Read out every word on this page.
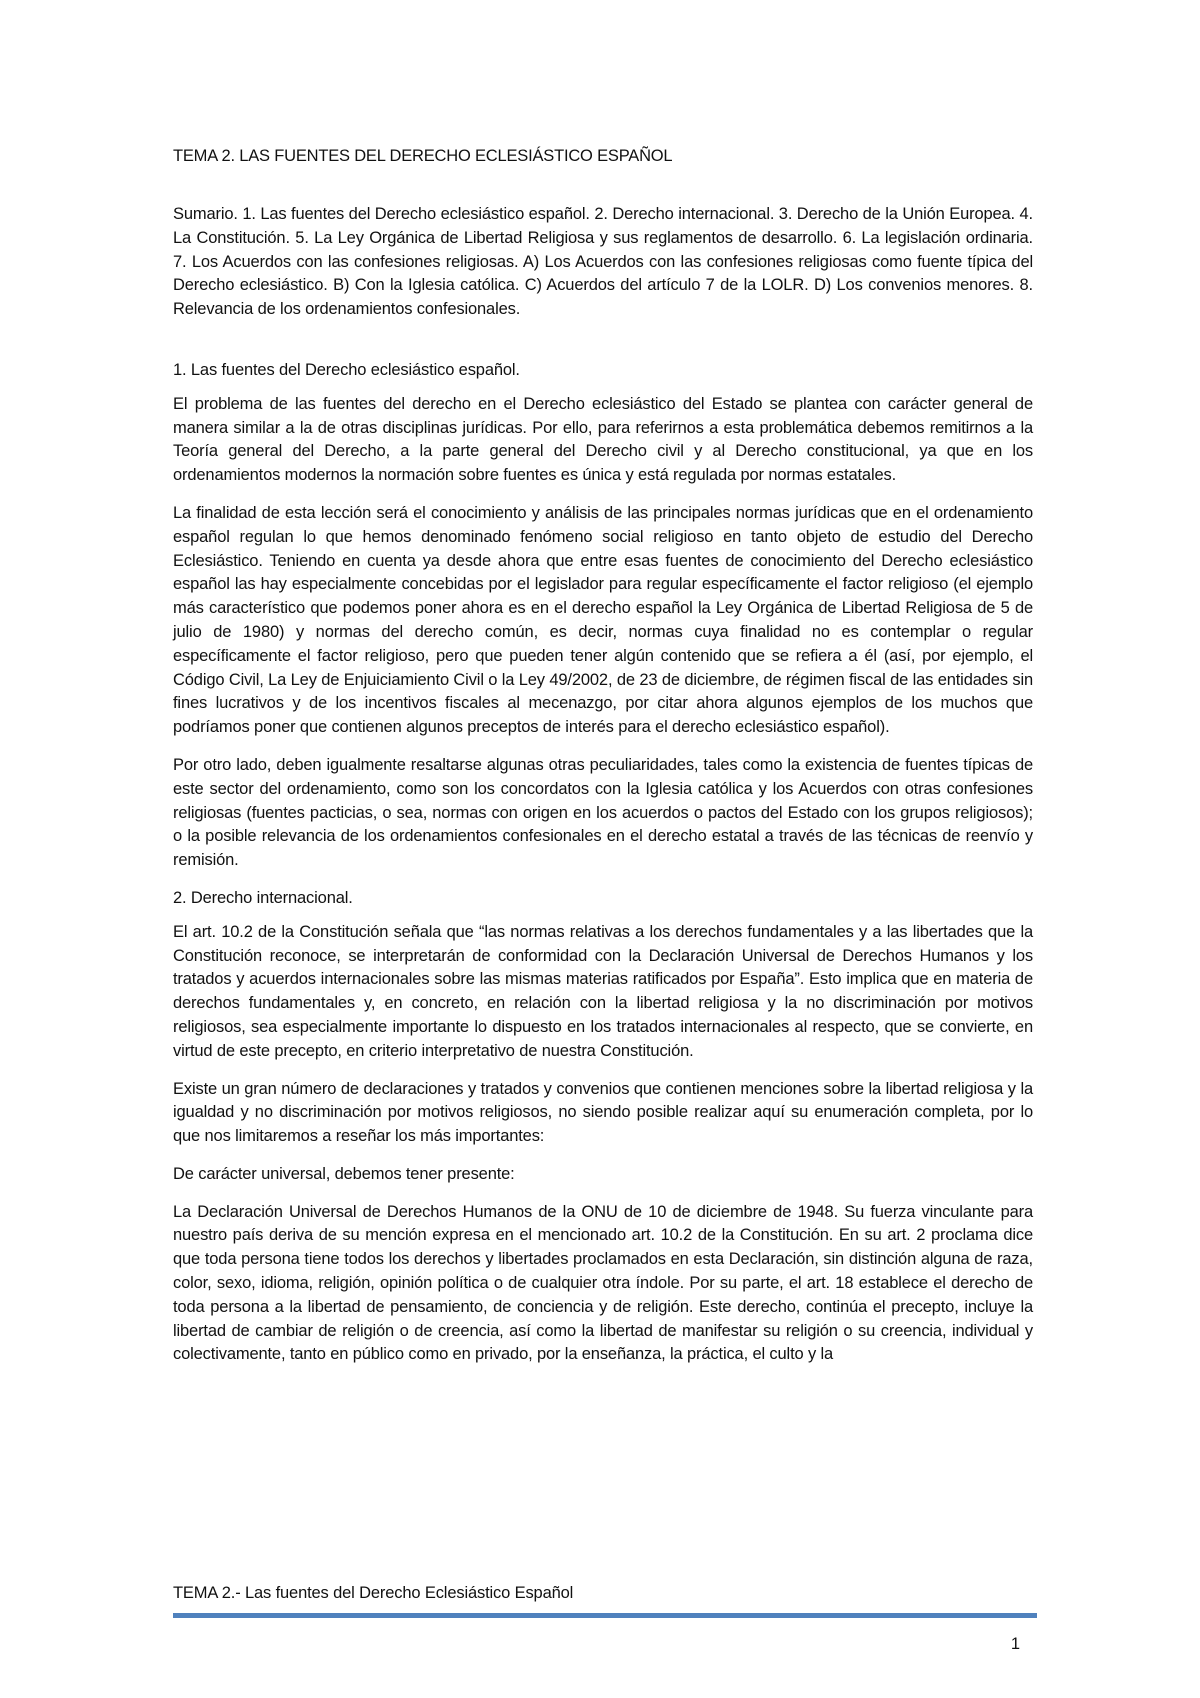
TEMA 2. LAS FUENTES DEL DERECHO ECLESIÁSTICO ESPAÑOL

Sumario. 1. Las fuentes del Derecho eclesiástico español. 2. Derecho internacional. 3. Derecho de la Unión Europea. 4. La Constitución. 5. La Ley Orgánica de Libertad Religiosa y sus reglamentos de desarrollo. 6. La legislación ordinaria. 7. Los Acuerdos con las confesiones religiosas. A) Los Acuerdos con las confesiones religiosas como fuente típica del Derecho eclesiástico. B) Con la Iglesia católica. C) Acuerdos del artículo 7 de la LOLR. D) Los convenios menores. 8. Relevancia de los ordenamientos confesionales.

1. Las fuentes del Derecho eclesiástico español.

El problema de las fuentes del derecho en el Derecho eclesiástico del Estado se plantea con carácter general de manera similar a la de otras disciplinas jurídicas. Por ello, para referirnos a esta problemática debemos remitirnos a la Teoría general del Derecho, a la parte general del Derecho civil y al Derecho constitucional, ya que en los ordenamientos modernos la normación sobre fuentes es única y está regulada por normas estatales.

La finalidad de esta lección será el conocimiento y análisis de las principales normas jurídicas que en el ordenamiento español regulan lo que hemos denominado fenómeno social religioso en tanto objeto de estudio del Derecho Eclesiástico. Teniendo en cuenta ya desde ahora que entre esas fuentes de conocimiento del Derecho eclesiástico español las hay especialmente concebidas por el legislador para regular específicamente el factor religioso (el ejemplo más característico que podemos poner ahora es en el derecho español la Ley Orgánica de Libertad Religiosa de 5 de julio de 1980) y normas del derecho común, es decir, normas cuya finalidad no es contemplar o regular específicamente el factor religioso, pero que pueden tener algún contenido que se refiera a él (así, por ejemplo, el Código Civil, La Ley de Enjuiciamiento Civil o la Ley 49/2002, de 23 de diciembre, de régimen fiscal de las entidades sin fines lucrativos y de los incentivos fiscales al mecenazgo, por citar ahora algunos ejemplos de los muchos que podríamos poner que contienen algunos preceptos de interés para el derecho eclesiástico español).

Por otro lado, deben igualmente resaltarse algunas otras peculiaridades, tales como la existencia de fuentes típicas de este sector del ordenamiento, como son los concordatos con la Iglesia católica y los Acuerdos con otras confesiones religiosas (fuentes pacticias, o sea, normas con origen en los acuerdos o pactos del Estado con los grupos religiosos); o la posible relevancia de los ordenamientos confesionales en el derecho estatal a través de las técnicas de reenvío y remisión.

2. Derecho internacional.

El art. 10.2 de la Constitución señala que “las normas relativas a los derechos fundamentales y a las libertades que la Constitución reconoce, se interpretarán de conformidad con la Declaración Universal de Derechos Humanos y los tratados y acuerdos internacionales sobre las mismas materias ratificados por España”. Esto implica que en materia de derechos fundamentales y, en concreto, en relación con la libertad religiosa y la no discriminación por motivos religiosos, sea especialmente importante lo dispuesto en los tratados internacionales al respecto, que se convierte, en virtud de este precepto, en criterio interpretativo de nuestra Constitución.

Existe un gran número de declaraciones y tratados y convenios que contienen menciones sobre la libertad religiosa y la igualdad y no discriminación por motivos religiosos, no siendo posible realizar aquí su enumeración completa, por lo que nos limitaremos a reseñar los más importantes:

De carácter universal, debemos tener presente:

La Declaración Universal de Derechos Humanos de la ONU de 10 de diciembre de 1948. Su fuerza vinculante para nuestro país deriva de su mención expresa en el mencionado art. 10.2 de la Constitución. En su art. 2 proclama dice que toda persona tiene todos los derechos y libertades proclamados en esta Declaración, sin distinción alguna de raza, color, sexo, idioma, religión, opinión política o de cualquier otra índole. Por su parte, el art. 18 establece el derecho de toda persona a la libertad de pensamiento, de conciencia y de religión. Este derecho, continúa el precepto, incluye la libertad de cambiar de religión o de creencia, así como la libertad de manifestar su religión o su creencia, individual y colectivamente, tanto en público como en privado, por la enseñanza, la práctica, el culto y la

TEMA 2.- Las fuentes del Derecho Eclesiástico Español
1
